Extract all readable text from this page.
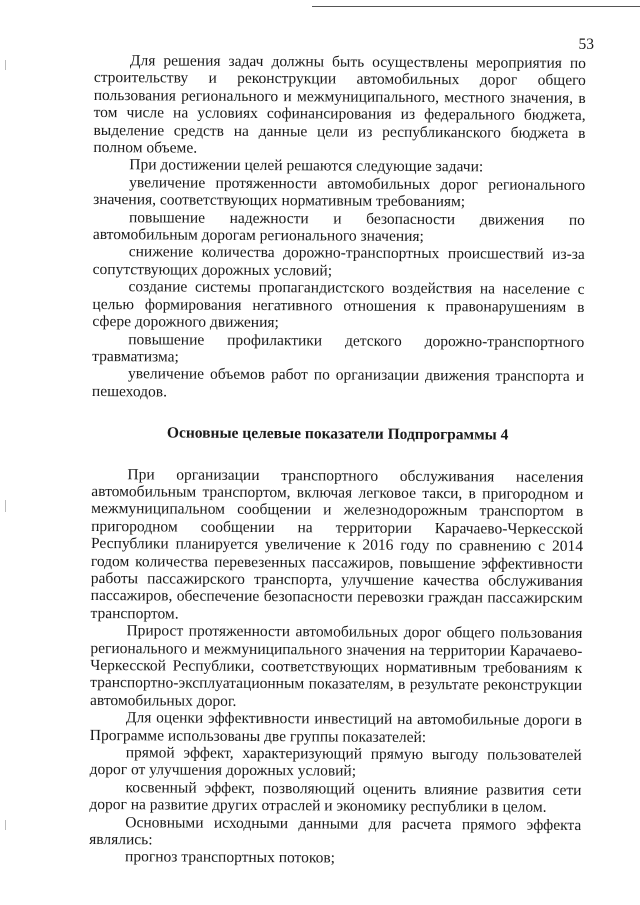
53

Для решения задач должны быть осуществлены мероприятия по строительству и реконструкции автомобильных дорог общего пользования регионального и межмуниципального, местного значения, в том числе на условиях софинансирования из федерального бюджета, выделение средств на данные цели из республиканского бюджета в полном объеме.

При достижении целей решаются следующие задачи:

увеличение протяженности автомобильных дорог регионального значения, соответствующих нормативным требованиям;

повышение надежности и безопасности движения по автомобильным дорогам регионального значения;

снижение количества дорожно-транспортных происшествий из-за сопутствующих дорожных условий;

создание системы пропагандистского воздействия на население с целью формирования негативного отношения к правонарушениям в сфере дорожного движения;

повышение профилактики детского дорожно-транспортного травматизма;

увеличение объемов работ по организации движения транспорта и пешеходов.

Основные целевые показатели Подпрограммы 4

При организации транспортного обслуживания населения автомобильным транспортом, включая легковое такси, в пригородном и межмуниципальном сообщении и железнодорожным транспортом в пригородном сообщении на территории Карачаево-Черкесской Республики планируется увеличение к 2016 году по сравнению с 2014 годом количества перевезенных пассажиров, повышение эффективности работы пассажирского транспорта, улучшение качества обслуживания пассажиров, обеспечение безопасности перевозки граждан пассажирским транспортом.

Прирост протяженности автомобильных дорог общего пользования регионального и межмуниципального значения на территории Карачаево-Черкесской Республики, соответствующих нормативным требованиям к транспортно-эксплуатационным показателям, в результате реконструкции автомобильных дорог.

Для оценки эффективности инвестиций на автомобильные дороги в Программе использованы две группы показателей:

прямой эффект, характеризующий прямую выгоду пользователей дорог от улучшения дорожных условий;

косвенный эффект, позволяющий оценить влияние развития сети дорог на развитие других отраслей и экономику республики в целом.

Основными исходными данными для расчета прямого эффекта являлись:

прогноз транспортных потоков;
